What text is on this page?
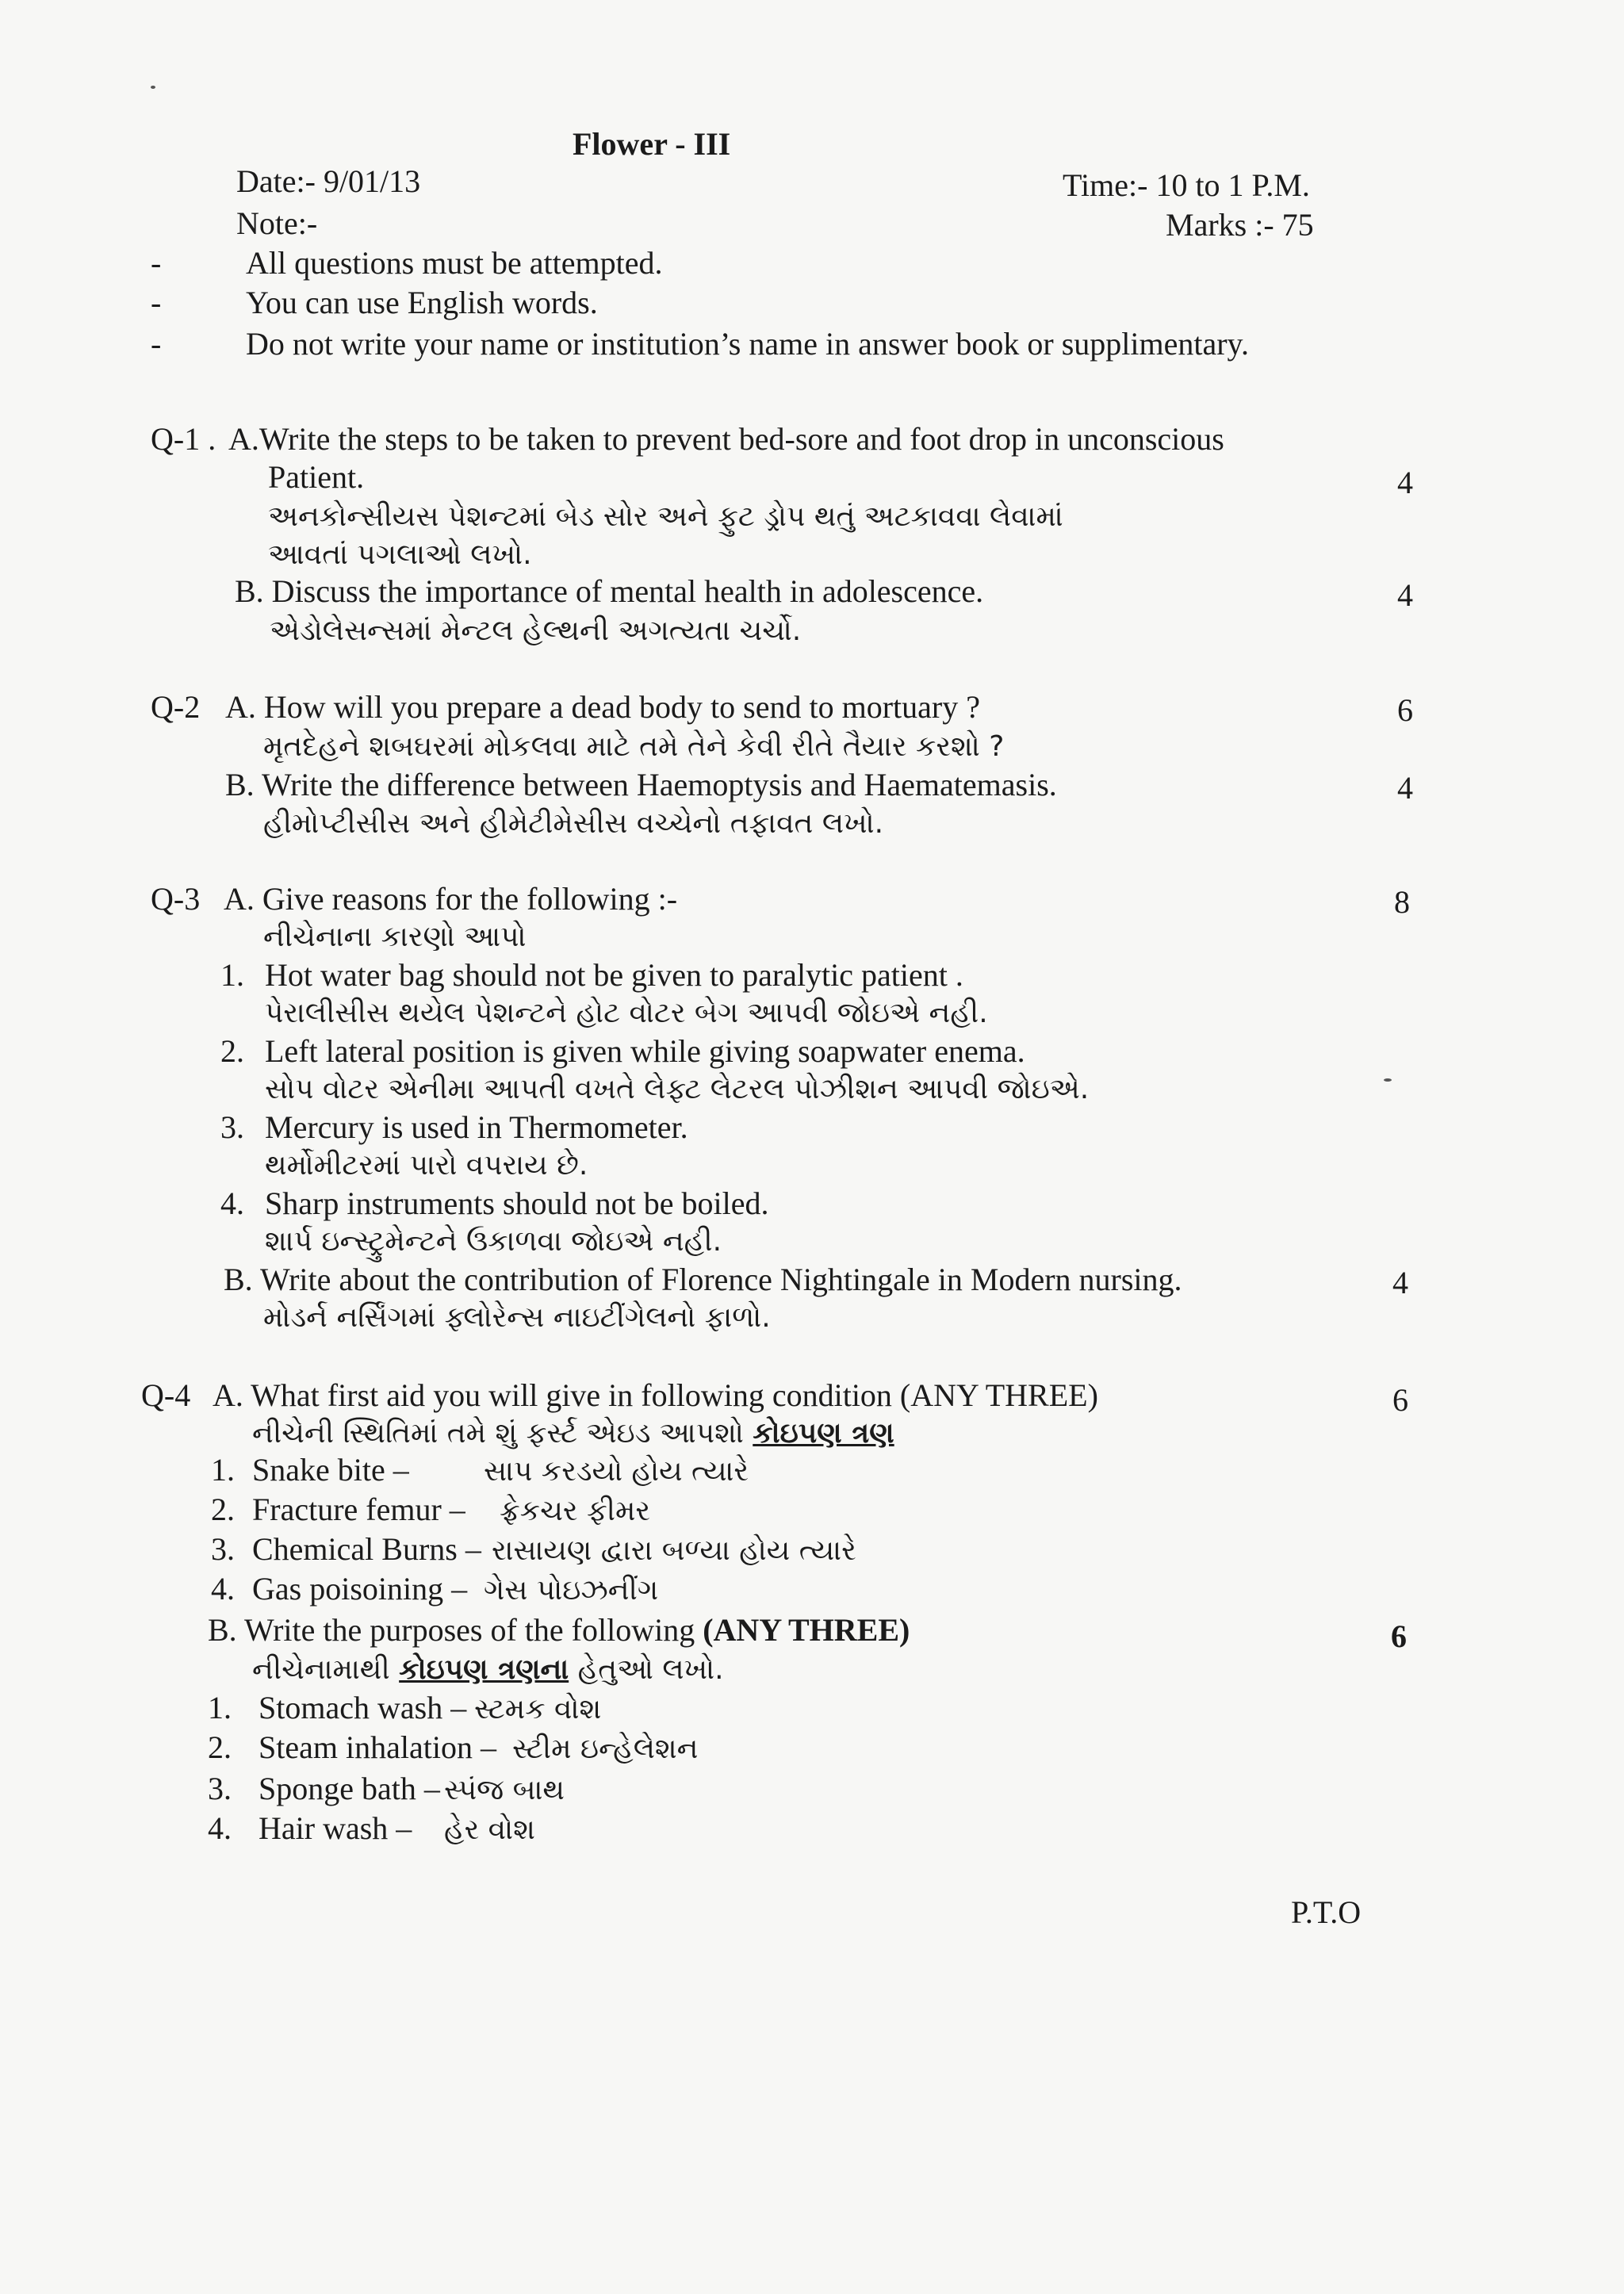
Flower - III
Date:- 9/01/13	Time:- 10 to 1 P.M.
Note:-	Marks :- 75
-	All questions must be attempted.
-	You can use English words.
-	Do not write your name or institution’s name in answer book or supplimentary.
Q-1 . A.Write the steps to be taken to prevent bed-sore and foot drop in unconscious
Patient.	4
અનકોન્સીયસ પેશન્ટમાં બેડ સોર અને ફુટ ડ્રોપ થતું અટકાવવા લેવામાં
આવતાં પગલાઓ લખો.
B. Discuss the importance of mental health in adolescence.	4
એડોલેસન્સમાં મેન્ટલ હેલ્થની અગત્યતા ચર્ચો.
Q-2 A. How will you prepare a dead body to send to mortuary ?	6
મૃતદેહને શબઘરમાં મોકલવા માટે તમે તેને કેવી રીતે તૈયાર કરશો ?
B. Write the difference between Haemoptysis and Haematemasis.	4
હીમોપ્ટીસીસ અને હીમેટીમેસીસ વચ્ચેનો તફાવત લખો.
Q-3 A. Give reasons for the following :-	8
નીચેનાના કારણો આપો
1. Hot water bag should not be given to paralytic patient .
પેરાલીસીસ થયેલ પેશન્ટને હોટ વોટર બેગ આપવી જોઇએ નહી.
2. Left lateral position is given while giving soapwater enema.
સોપ વોટર એનીમા આપતી વખતે લેફ્ટ લેટરલ પોઝીશન આપવી જોઇએ.
3. Mercury is used in Thermometer.
થર્મોમીટરમાં પારો વપરાય છે.
4. Sharp instruments should not be boiled.
શાર્પ ઇન્સ્ટ્રુમેન્ટને ઉકાળવા જોઇએ નહી.
B. Write about the contribution of Florence Nightingale in Modern nursing.	4
મોડર્ન નર્સિંગમાં ફ્લોરેન્સ નાઇટીંગેલનો ફાળો.
Q-4 A. What first aid you will give in following condition (ANY THREE)	6
નીચેની સ્થિતિમાં તમે શું ફર્સ્ટ એઇડ આપશો કોઇપણ ત્રણ
1. Snake bite –	સાપ કરડયો હોય ત્યારે
2. Fracture femur – ફ્રેકચર ફીમર
3. Chemical Burns – રાસાયણ દ્વારા બળ્યા હોય ત્યારે
4. Gas poisoining – ગેસ પોઇઝનીંગ
B. Write the purposes of the following (ANY THREE)	6
નીચેનામાથી કોઇપણ ત્રણના હેતુઓ લખો.
1. Stomach wash – સ્ટમક વોશ
2. Steam inhalation – સ્ટીમ ઇન્હેલેશન
3. Sponge bath – સ્પંજ બાથ
4. Hair wash – હેર વોશ
P.T.O
